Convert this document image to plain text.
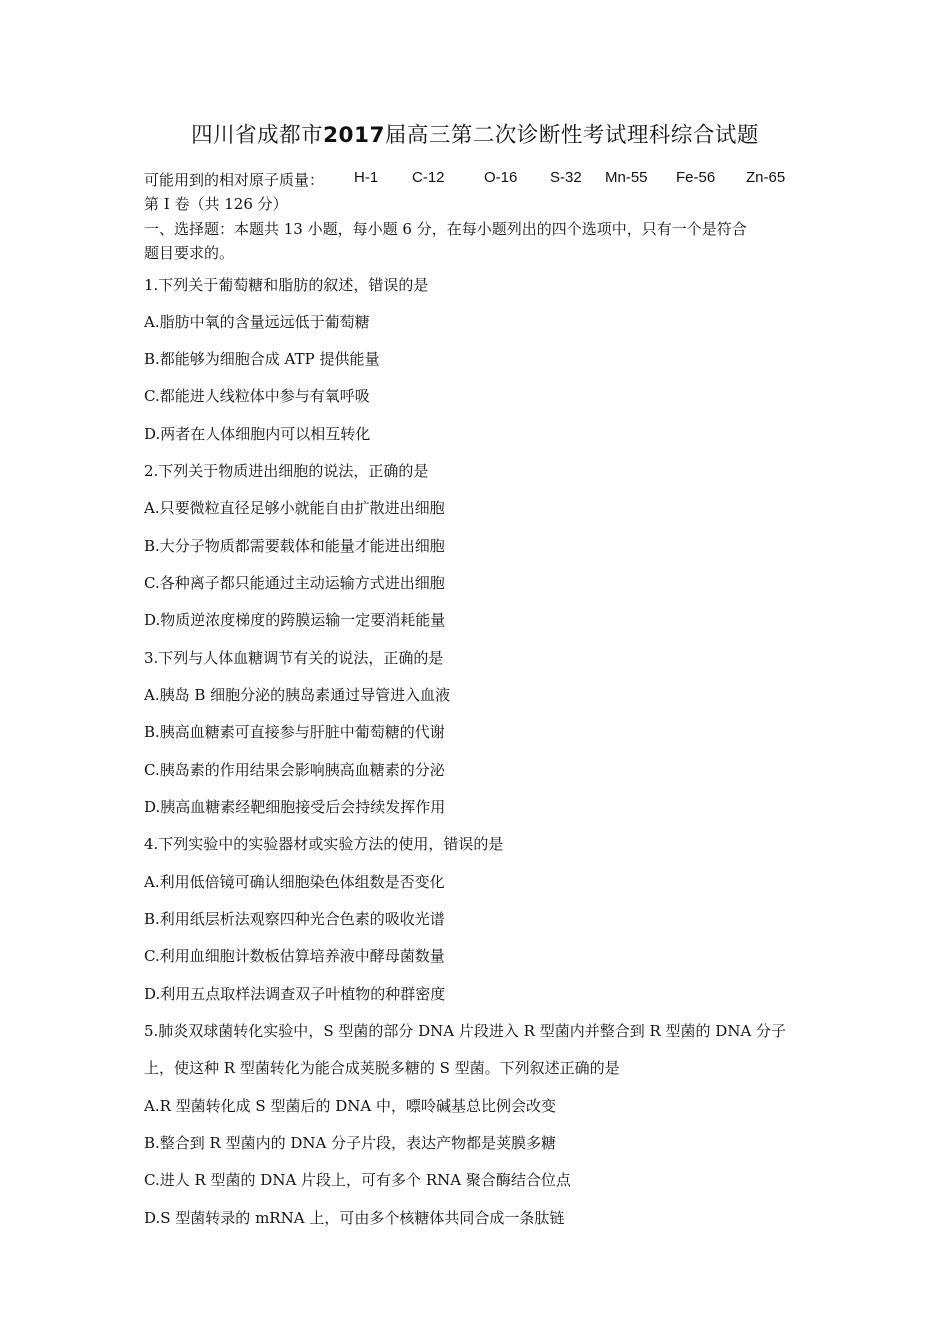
四川省成都市2017届高三第二次诊断性考试理科综合试题
可能用到的相对原子质量： H-1 C-12	O-16 S-32 Mn-55 Fe-56 Zn-65
第 I 卷（共 126 分）
一、选择题：本题共 13 小题，每小题 6 分，在每小题列出的四个选项中，只有一个是符合
题目要求的。
1.下列关于葡萄糖和脂肪的叙述，错误的是
A.脂肪中氧的含量远远低于葡萄糖
B.都能够为细胞合成 ATP 提供能量
C.都能进人线粒体中参与有氧呼吸
D.两者在人体细胞内可以相互转化
2.下列关于物质进出细胞的说法，正确的是
A.只要微粒直径足够小就能自由扩散进出细胞
B.大分子物质都需要载体和能量才能进出细胞
C.各种离子都只能通过主动运输方式进出细胞
D.物质逆浓度梯度的跨膜运输一定要消耗能量
3.下列与人体血糖调节有关的说法，正确的是
A.胰岛 B 细胞分泌的胰岛素通过导管进入血液
B.胰高血糖素可直接参与肝脏中葡萄糖的代谢
C.胰岛素的作用结果会影响胰高血糖素的分泌
D.胰高血糖素经靶细胞接受后会持续发挥作用
4.下列实验中的实验器材或实验方法的使用，错误的是
A.利用低倍镜可确认细胞染色体组数是否变化
B.利用纸层析法观察四种光合色素的吸收光谱
C.利用血细胞计数板估算培养液中酵母菌数量
D.利用五点取样法调查双子叶植物的种群密度
5.肺炎双球菌转化实验中，S 型菌的部分 DNA 片段进入 R 型菌内并整合到 R 型菌的 DNA 分子
上，使这种 R 型菌转化为能合成荚脱多糖的 S 型菌。下列叙述正确的是
A.R 型菌转化成 S 型菌后的 DNA 中，嘌呤碱基总比例会改变
B.整合到 R 型菌内的 DNA 分子片段，表达产物都是荚膜多糖
C.进人 R 型菌的 DNA 片段上，可有多个 RNA 聚合酶结合位点
D.S 型菌转录的 mRNA 上，可由多个核糖体共同合成一条肽链
